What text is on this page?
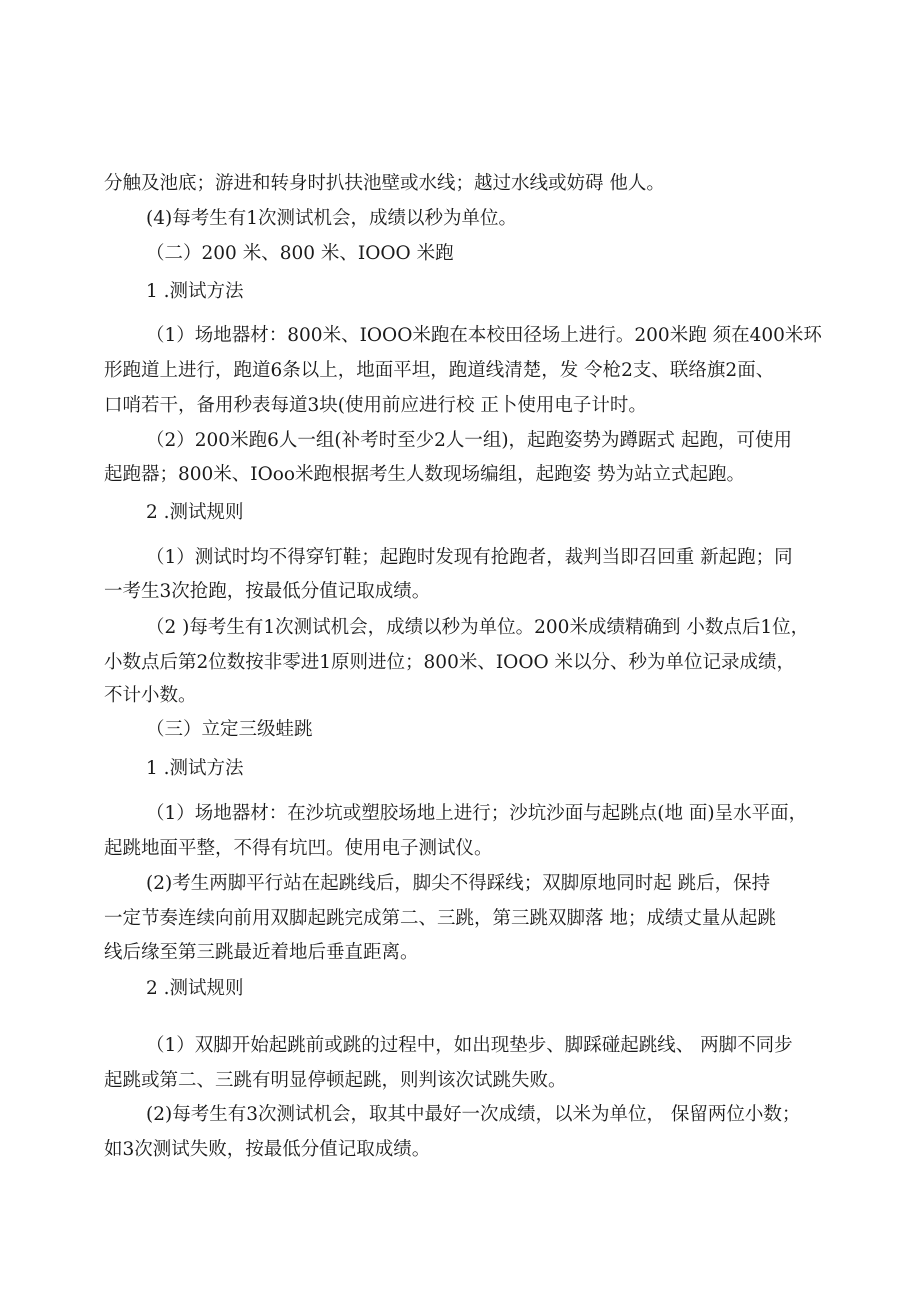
分触及池底；游进和转身时扒扶池壁或水线；越过水线或妨碍 他人。
(4)每考生有1次测试机会，成绩以秒为单位。
（二）200 米、800 米、IOOO 米跑
1 .测试方法
（1）场地器材：800米、IOOO米跑在本校田径场上进行。200米跑 须在400米环
形跑道上进行，跑道6条以上，地面平坦，跑道线清楚，发 令枪2支、联络旗2面、
口哨若干，备用秒表每道3块(使用前应进行校 正卜使用电子计时。
（2）200米跑6人一组(补考时至少2人一组)，起跑姿势为蹲踞式 起跑，可使用
起跑器；800米、IOoo米跑根据考生人数现场编组，起跑姿 势为站立式起跑。
2 .测试规则
（1）测试时均不得穿钉鞋；起跑时发现有抢跑者，裁判当即召回重 新起跑；同
一考生3次抢跑，按最低分值记取成绩。
（2 )每考生有1次测试机会，成绩以秒为单位。200米成绩精确到 小数点后1位，
小数点后第2位数按非零进1原则进位；800米、IOOO 米以分、秒为单位记录成绩，
不计小数。
（三）立定三级蛙跳
1 .测试方法
（1）场地器材：在沙坑或塑胶场地上进行；沙坑沙面与起跳点(地 面)呈水平面，
起跳地面平整，不得有坑凹。使用电子测试仪。
(2)考生两脚平行站在起跳线后，脚尖不得踩线；双脚原地同时起 跳后，保持
一定节奏连续向前用双脚起跳完成第二、三跳，第三跳双脚落 地；成绩丈量从起跳
线后缘至第三跳最近着地后垂直距离。
2 .测试规则
（1）双脚开始起跳前或跳的过程中，如出现垫步、脚踩碰起跳线、 两脚不同步
起跳或第二、三跳有明显停顿起跳，则判该次试跳失败。
(2)每考生有3次测试机会，取其中最好一次成绩，以米为单位， 保留两位小数；
如3次测试失败，按最低分值记取成绩。
